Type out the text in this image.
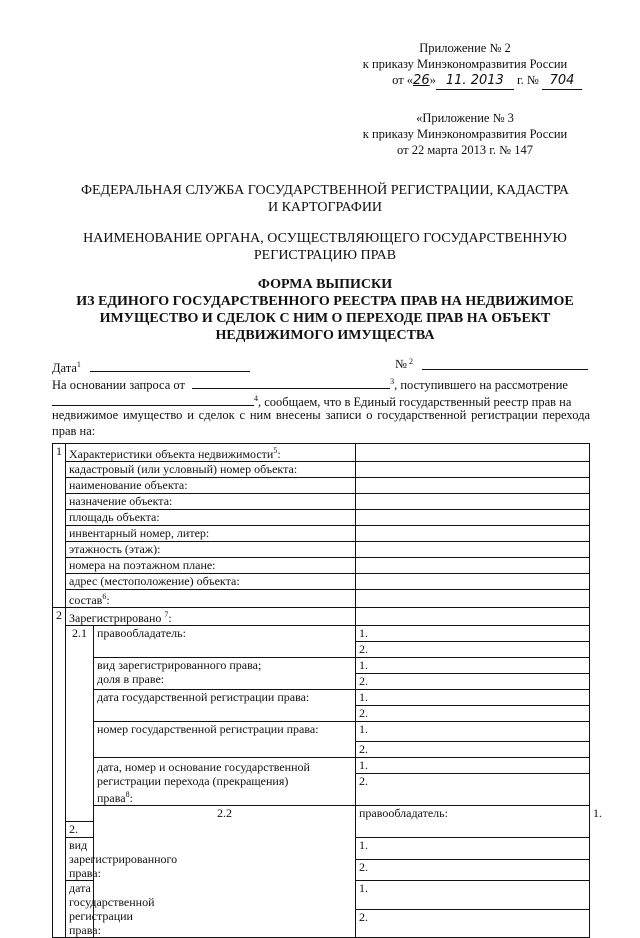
Приложение № 2
к приказу Минэкономразвития России
от «26» 11. 2013 г. № 704
«Приложение № 3
к приказу Минэкономразвития России
от 22 марта 2013 г. № 147
ФЕДЕРАЛЬНАЯ СЛУЖБА ГОСУДАРСТВЕННОЙ РЕГИСТРАЦИИ, КАДАСТРА
И КАРТОГРАФИИ
НАИМЕНОВАНИЕ ОРГАНА, ОСУЩЕСТВЛЯЮЩЕГО ГОСУДАРСТВЕННУЮ
РЕГИСТРАЦИЮ ПРАВ
ФОРМА ВЫПИСКИ
ИЗ ЕДИНОГО ГОСУДАРСТВЕННОГО РЕЕСТРА ПРАВ НА НЕДВИЖИМОЕ
ИМУЩЕСТВО И СДЕЛОК С НИМ О ПЕРЕХОДЕ ПРАВ НА ОБЪЕКТ
НЕДВИЖИМОГО ИМУЩЕСТВА
Дата$^1$	№ 2
На основании запроса от	$^3$, поступившего на рассмотрение
$^4$, сообщаем, что в Единый государственный реестр прав на
недвижимое имущество и сделок с ним внесены записи о государственной регистрации перехода прав на:
1	Характеристики объекта недвижимости$^5$:			
	кадастровый (или условный) номер объекта:			
	наименование объекта:			
	назначение объекта:			
	площадь объекта:			
	инвентарный номер, литер:			
	этажность (этаж):			
	номера на поэтажном плане:			
	адрес (местоположение) объекта:			
	состав$^6$:			
2	Зарегистрировано $^7$:			
	2.1	правообладатель:	1.	
			2.	

		вид зарегистрированного права;
доля в праве:	1.	
			2.	
		дата государственной регистрации права:	1.	
			2.	
		номер государственной регистрации права:	1.	
			2.	

		дата, номер и основание государственной
регистрации перехода (прекращения)
права$^8$:	1.	
			2.	
		2.2	правообладатель:	1.
	2.			
	вид зарегистрированного права:		1.	
			2.	
	дата государственной регистрации права:		1.	
			2.	
